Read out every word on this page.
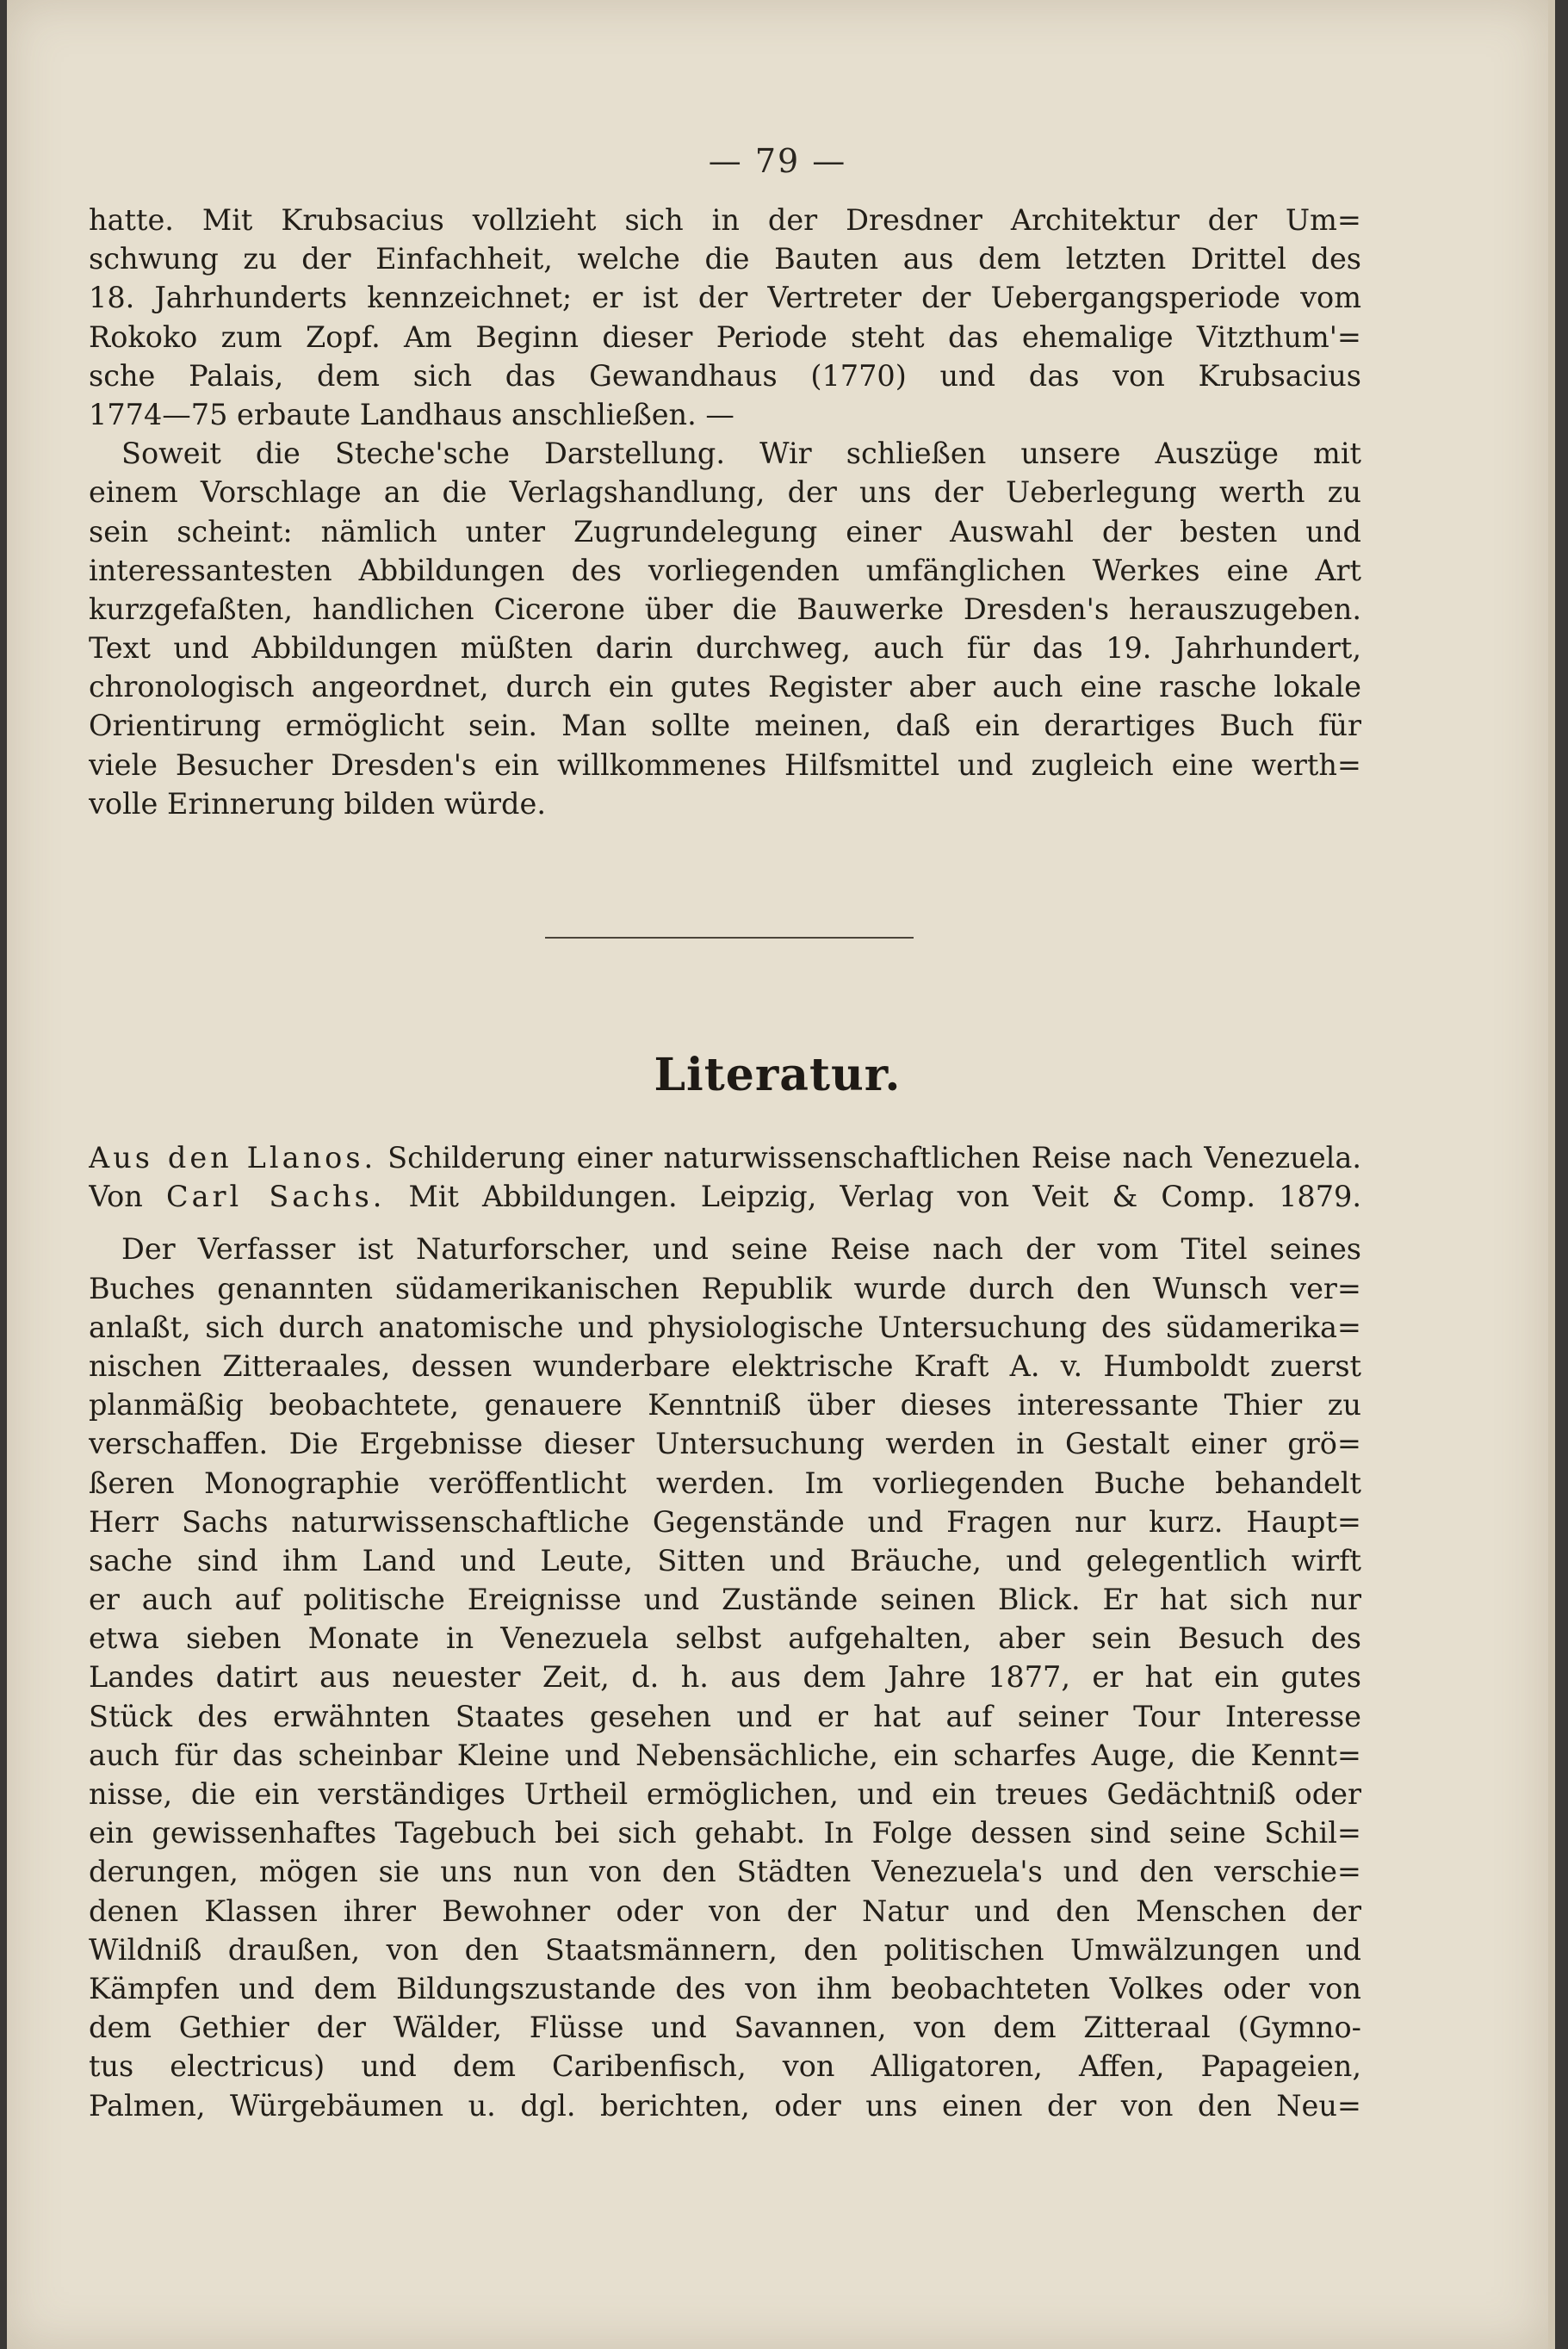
— 79 —
hatte. Mit Krubsacius vollzieht sich in der Dresdner Architektur der Um=
schwung zu der Einfachheit, welche die Bauten aus dem letzten Drittel des
18. Jahrhunderts kennzeichnet; er ist der Vertreter der Uebergangsperiode vom
Rokoko zum Zopf. Am Beginn dieser Periode steht das ehemalige Vitzthum'=
sche Palais, dem sich das Gewandhaus (1770) und das von Krubsacius
1774—75 erbaute Landhaus anschließen. —
Soweit die Steche'sche Darstellung. Wir schließen unsere Auszüge mit
einem Vorschlage an die Verlagshandlung, der uns der Ueberlegung werth zu
sein scheint: nämlich unter Zugrundelegung einer Auswahl der besten und
interessantesten Abbildungen des vorliegenden umfänglichen Werkes eine Art
kurzgefaßten, handlichen Cicerone über die Bauwerke Dresden's herauszugeben.
Text und Abbildungen müßten darin durchweg, auch für das 19. Jahrhundert,
chronologisch angeordnet, durch ein gutes Register aber auch eine rasche lokale
Orientirung ermöglicht sein. Man sollte meinen, daß ein derartiges Buch für
viele Besucher Dresden's ein willkommenes Hilfsmittel und zugleich eine werth=
volle Erinnerung bilden würde.
Literatur.
Aus den Llanos. Schilderung einer naturwissenschaftlichen Reise nach Venezuela.
Von Carl Sachs. Mit Abbildungen. Leipzig, Verlag von Veit & Comp. 1879.
Der Verfasser ist Naturforscher, und seine Reise nach der vom Titel seines
Buches genannten südamerikanischen Republik wurde durch den Wunsch ver=
anlaßt, sich durch anatomische und physiologische Untersuchung des südamerika=
nischen Zitteraales, dessen wunderbare elektrische Kraft A. v. Humboldt zuerst
planmäßig beobachtete, genauere Kenntniß über dieses interessante Thier zu
verschaffen. Die Ergebnisse dieser Untersuchung werden in Gestalt einer grö=
ßeren Monographie veröffentlicht werden. Im vorliegenden Buche behandelt
Herr Sachs naturwissenschaftliche Gegenstände und Fragen nur kurz. Haupt=
sache sind ihm Land und Leute, Sitten und Bräuche, und gelegentlich wirft
er auch auf politische Ereignisse und Zustände seinen Blick. Er hat sich nur
etwa sieben Monate in Venezuela selbst aufgehalten, aber sein Besuch des
Landes datirt aus neuester Zeit, d. h. aus dem Jahre 1877, er hat ein gutes
Stück des erwähnten Staates gesehen und er hat auf seiner Tour Interesse
auch für das scheinbar Kleine und Nebensächliche, ein scharfes Auge, die Kennt=
nisse, die ein verständiges Urtheil ermöglichen, und ein treues Gedächtniß oder
ein gewissenhaftes Tagebuch bei sich gehabt. In Folge dessen sind seine Schil=
derungen, mögen sie uns nun von den Städten Venezuela's und den verschie=
denen Klassen ihrer Bewohner oder von der Natur und den Menschen der
Wildniß draußen, von den Staatsmännern, den politischen Umwälzungen und
Kämpfen und dem Bildungszustande des von ihm beobachteten Volkes oder von
dem Gethier der Wälder, Flüsse und Savannen, von dem Zitteraal (Gymno-
tus electricus) und dem Caribenfisch, von Alligatoren, Affen, Papageien,
Palmen, Würgebäumen u. dgl. berichten, oder uns einen der von den Neu=
